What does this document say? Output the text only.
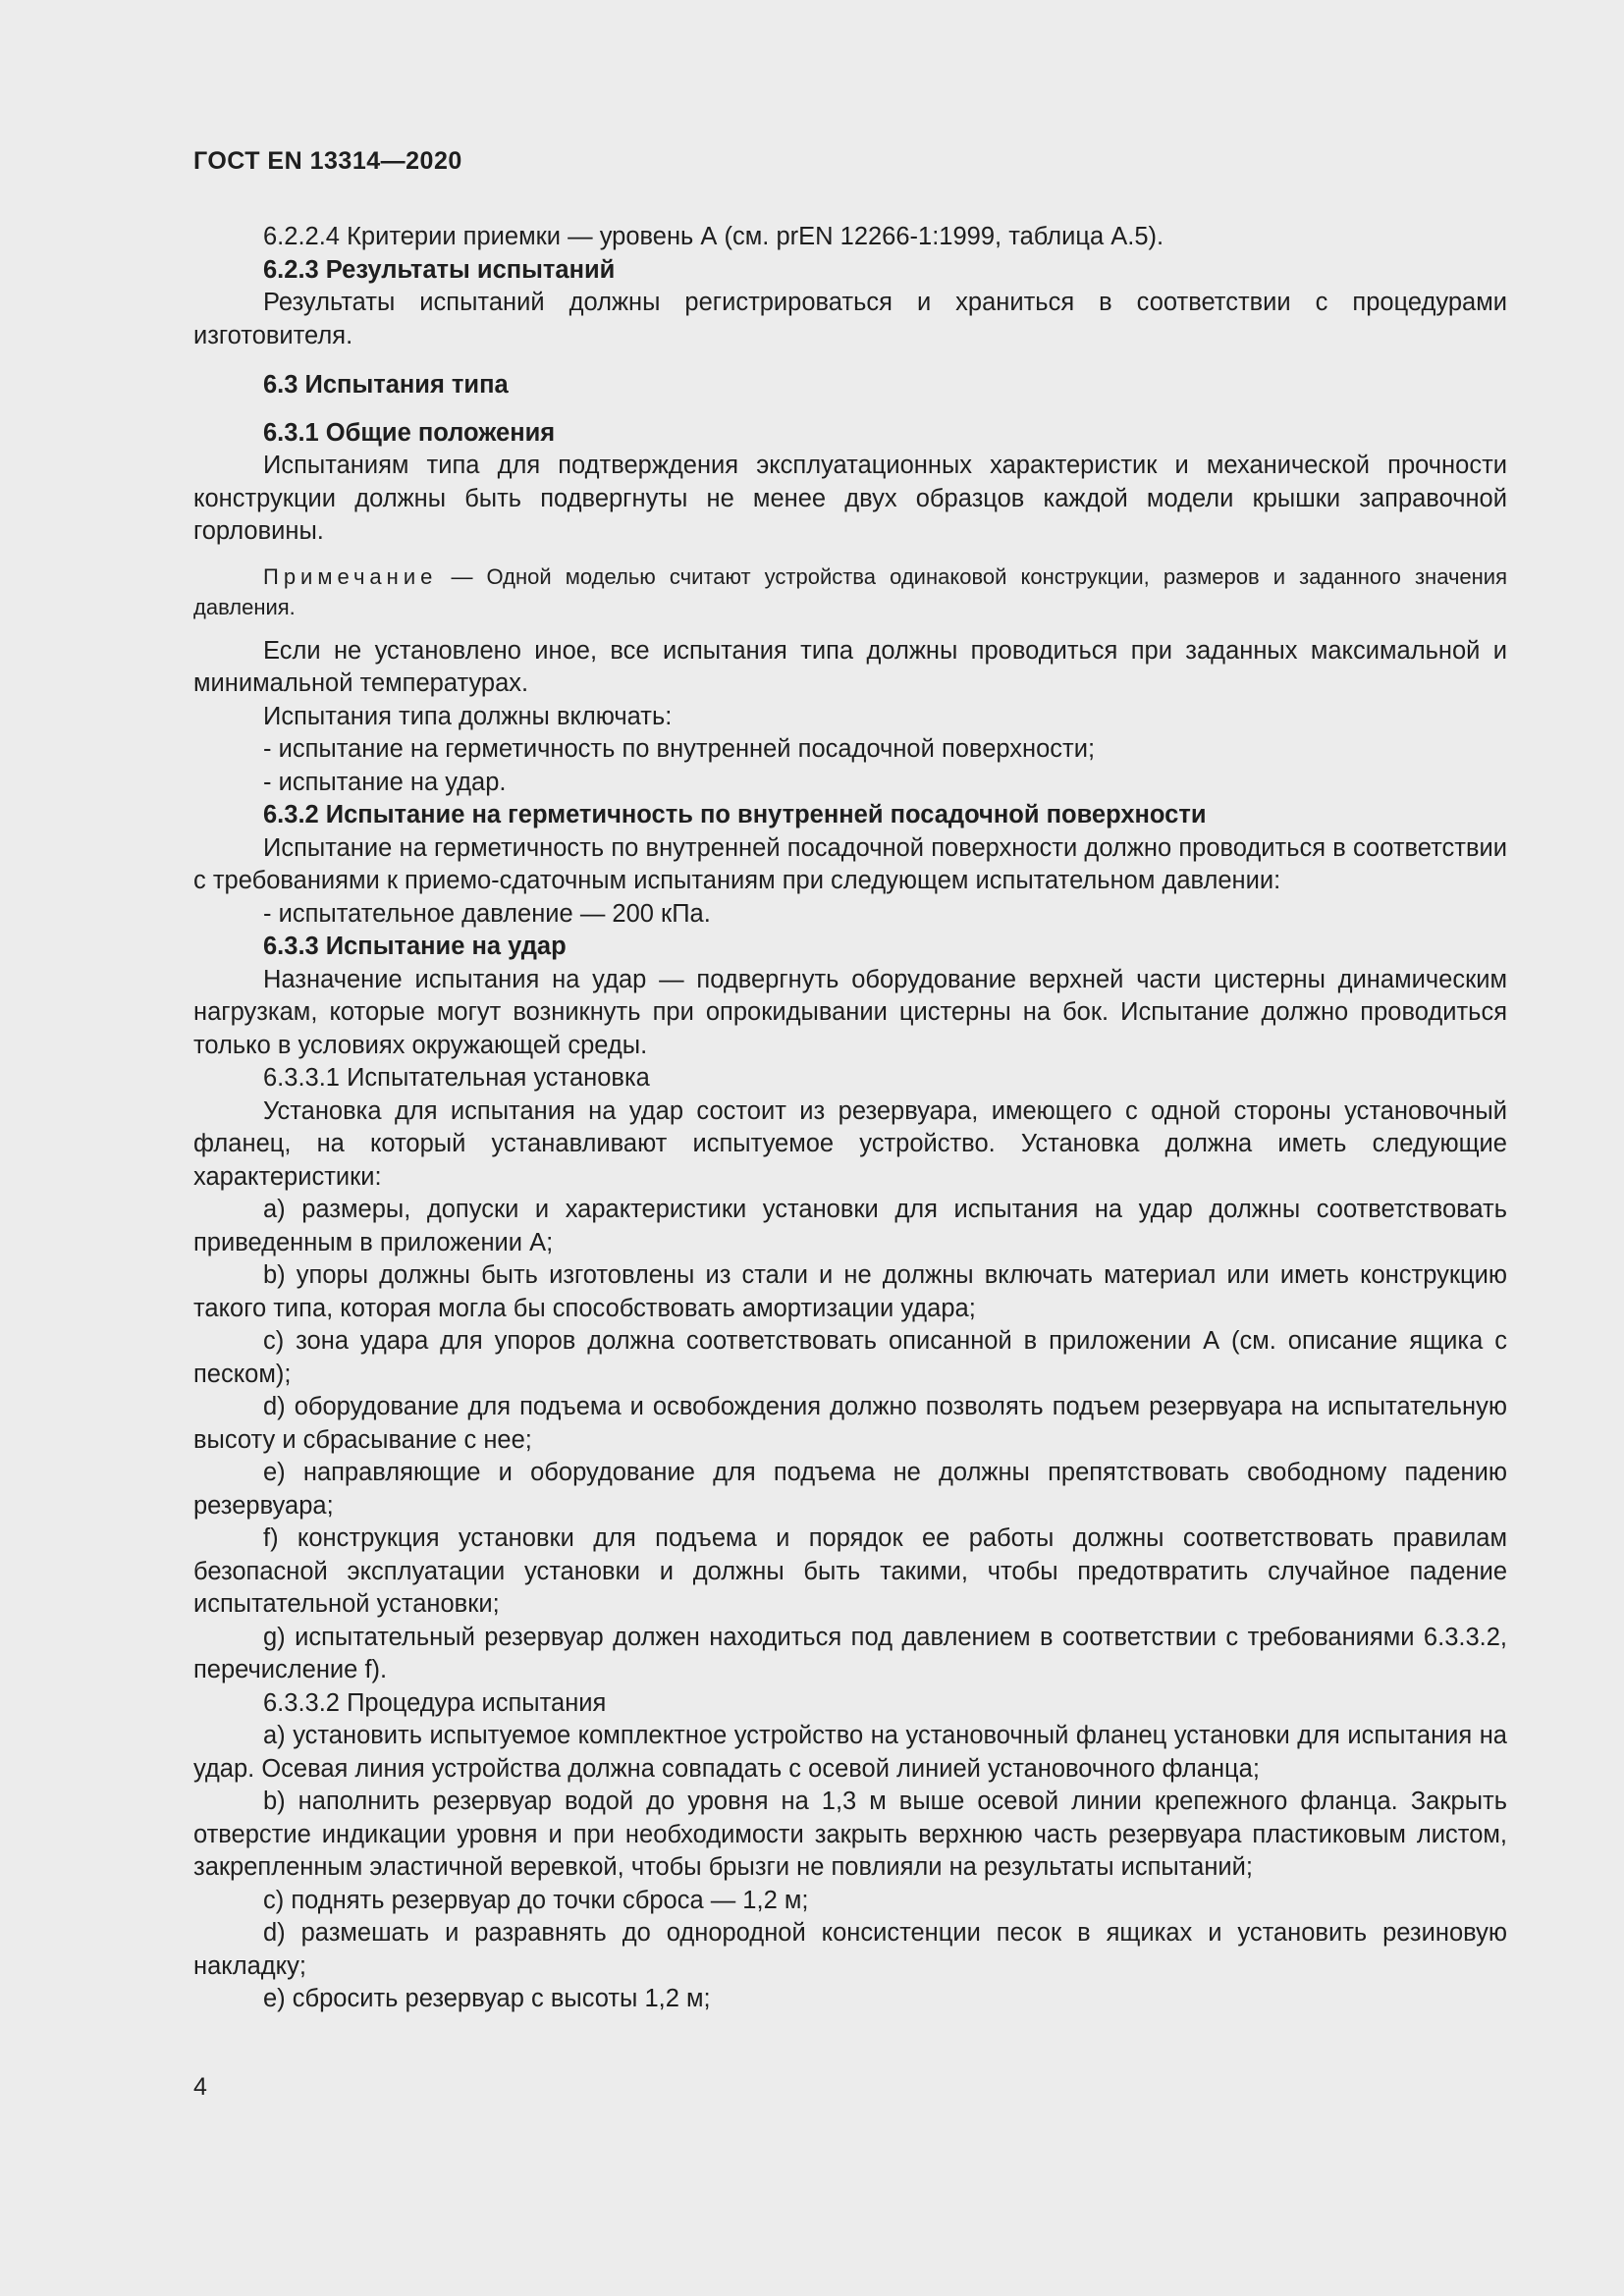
ГОСТ EN 13314—2020

6.2.2.4 Критерии приемки — уровень А (см. prEN 12266-1:1999, таблица А.5).

6.2.3 Результаты испытаний

Результаты испытаний должны регистрироваться и храниться в соответствии с процедурами изготовителя.

6.3 Испытания типа

6.3.1 Общие положения

Испытаниям типа для подтверждения эксплуатационных характеристик и механической прочности конструкции должны быть подвергнуты не менее двух образцов каждой модели крышки заправочной горловины.

Примечание — Одной моделью считают устройства одинаковой конструкции, размеров и заданного значения давления.

Если не установлено иное, все испытания типа должны проводиться при заданных максимальной и минимальной температурах.

Испытания типа должны включать:

- испытание на герметичность по внутренней посадочной поверхности;

- испытание на удар.

6.3.2 Испытание на герметичность по внутренней посадочной поверхности

Испытание на герметичность по внутренней посадочной поверхности должно проводиться в соответствии с требованиями к приемо-сдаточным испытаниям при следующем испытательном давлении:

- испытательное давление — 200 кПа.

6.3.3 Испытание на удар

Назначение испытания на удар — подвергнуть оборудование верхней части цистерны динамическим нагрузкам, которые могут возникнуть при опрокидывании цистерны на бок. Испытание должно проводиться только в условиях окружающей среды.

6.3.3.1 Испытательная установка

Установка для испытания на удар состоит из резервуара, имеющего с одной стороны установочный фланец, на который устанавливают испытуемое устройство. Установка должна иметь следующие характеристики:

a) размеры, допуски и характеристики установки для испытания на удар должны соответствовать приведенным в приложении А;

b) упоры должны быть изготовлены из стали и не должны включать материал или иметь конструкцию такого типа, которая могла бы способствовать амортизации удара;

c) зона удара для упоров должна соответствовать описанной в приложении А (см. описание ящика с песком);

d) оборудование для подъема и освобождения должно позволять подъем резервуара на испытательную высоту и сбрасывание с нее;

e) направляющие и оборудование для подъема не должны препятствовать свободному падению резервуара;

f) конструкция установки для подъема и порядок ее работы должны соответствовать правилам безопасной эксплуатации установки и должны быть такими, чтобы предотвратить случайное падение испытательной установки;

g) испытательный резервуар должен находиться под давлением в соответствии с требованиями 6.3.3.2, перечисление f).

6.3.3.2 Процедура испытания

a) установить испытуемое комплектное устройство на установочный фланец установки для испытания на удар. Осевая линия устройства должна совпадать с осевой линией установочного фланца;

b) наполнить резервуар водой до уровня на 1,3 м выше осевой линии крепежного фланца. Закрыть отверстие индикации уровня и при необходимости закрыть верхнюю часть резервуара пластиковым листом, закрепленным эластичной веревкой, чтобы брызги не повлияли на результаты испытаний;

c) поднять резервуар до точки сброса — 1,2 м;

d) размешать и разравнять до однородной консистенции песок в ящиках и установить резиновую накладку;

e) сбросить резервуар с высоты 1,2 м;

4
